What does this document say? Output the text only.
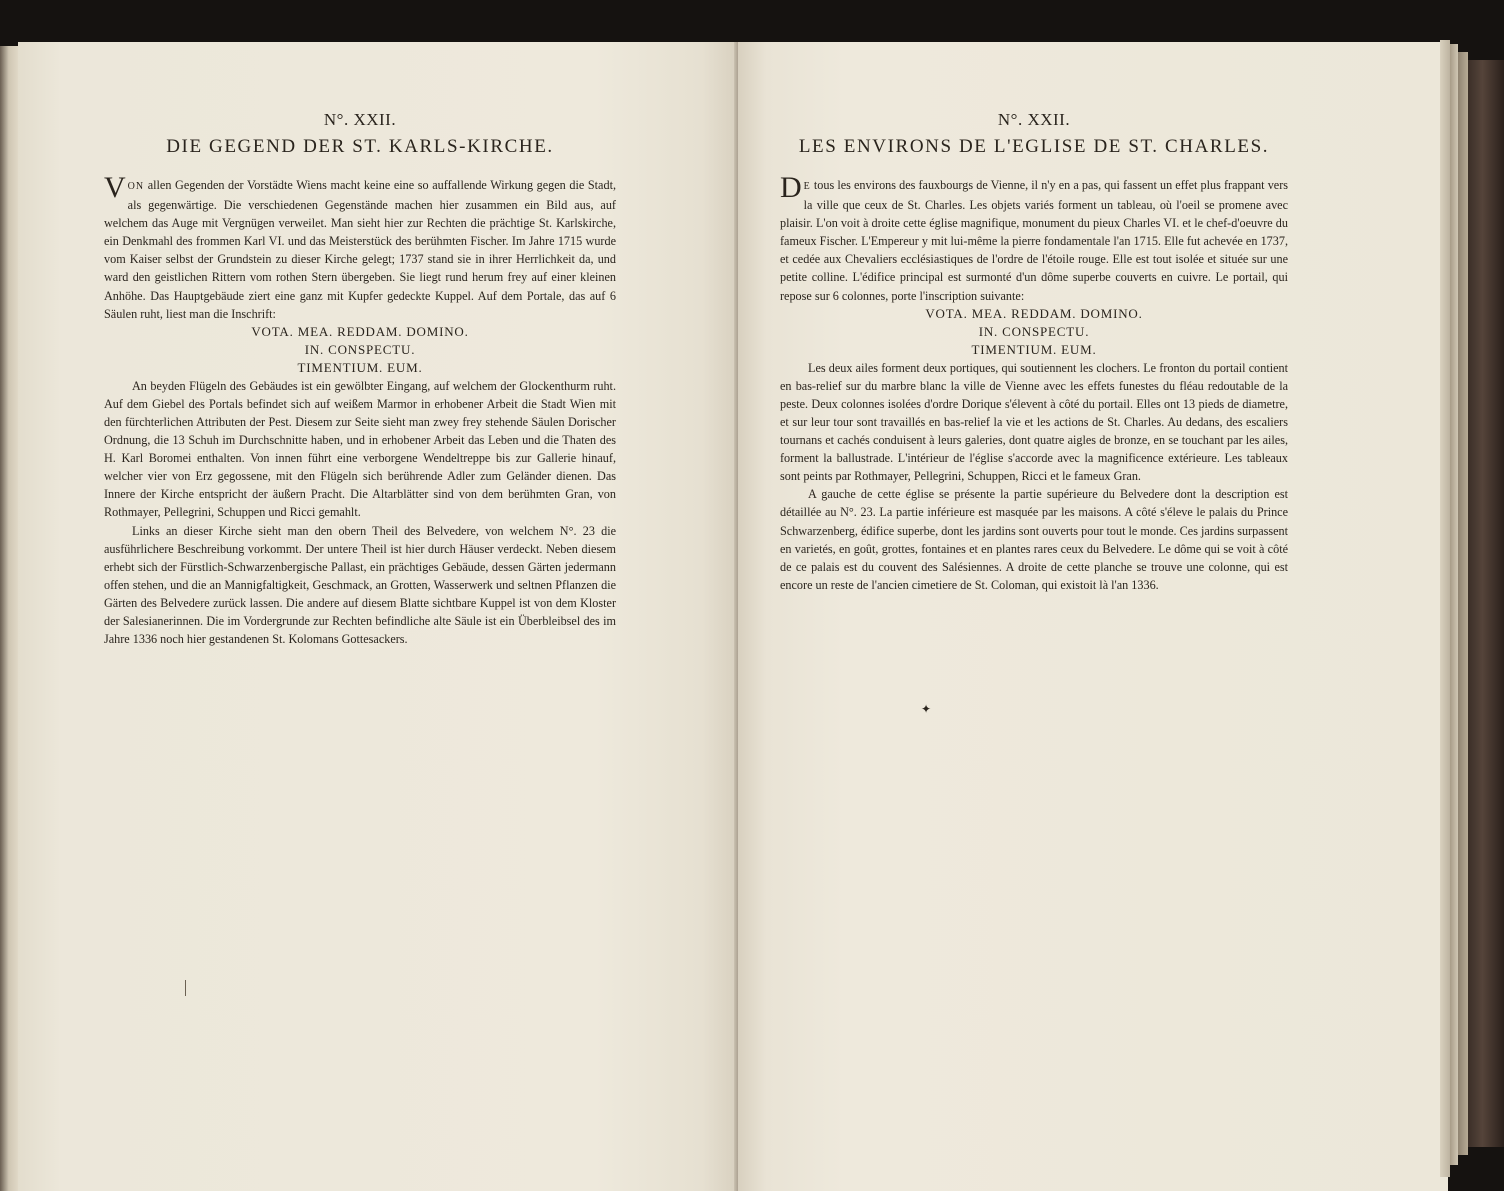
N°. XXII.
DIE GEGEND DER ST. KARLS-KIRCHE.

VON allen Gegenden der Vorstädte Wiens macht keine eine so auffallende Wirkung gegen die Stadt, als gegenwärtige. Die verschiedenen Gegenstände machen hier zusammen ein Bild aus, auf welchem das Auge mit Vergnügen verweilet. Man sieht hier zur Rechten die prächtige St. Karlskirche, ein Denkmahl des frommen Karl VI. und das Meisterstück des berühmten Fischer. Im Jahre 1715 wurde vom Kaiser selbst der Grundstein zu dieser Kirche gelegt; 1737 stand sie in ihrer Herrlichkeit da, und ward den geistlichen Rittern vom rothen Stern übergeben. Sie liegt rund herum frey auf einer kleinen Anhöhe. Das Hauptgebäude ziert eine ganz mit Kupfer gedeckte Kuppel. Auf dem Portale, das auf 6 Säulen ruht, liest man die Inschrift:

VOTA. MEA. REDDAM. DOMINO.
IN. CONSPECTU.
TIMENTIUM. EUM.

An beyden Flügeln des Gebäudes ist ein gewölbter Eingang, auf welchem der Glockenthurm ruht. Auf dem Giebel des Portals befindet sich auf weißem Marmor in erhobener Arbeit die Stadt Wien mit den fürchterlichen Attributen der Pest. Diesem zur Seite sieht man zwey frey stehende Säulen Dorischer Ordnung, die 13 Schuh im Durchschnitte haben, und in erhobener Arbeit das Leben und die Thaten des H. Karl Boromei enthalten. Von innen führt eine verborgene Wendeltreppe bis zur Gallerie hinauf, welcher vier von Erz gegossene, mit den Flügeln sich berührende Adler zum Geländer dienen. Das Innere der Kirche entspricht der äußern Pracht. Die Altarblätter sind von dem berühmten Gran, von Rothmayer, Pellegrini, Schuppen und Ricci gemahlt.

Links an dieser Kirche sieht man den obern Theil des Belvedere, von welchem N°. 23 die ausführlichere Beschreibung vorkommt. Der untere Theil ist hier durch Häuser verdeckt. Neben diesem erhebt sich der Fürstlich-Schwarzenbergische Pallast, ein prächtiges Gebäude, dessen Gärten jedermann offen stehen, und die an Mannigfaltigkeit, Geschmack, an Grotten, Wasserwerk und seltnen Pflanzen die Gärten des Belvedere zurück lassen. Die andere auf diesem Blatte sichtbare Kuppel ist von dem Kloster der Salesianerinnen. Die im Vordergrunde zur Rechten befindliche alte Säule ist ein Überbleibsel des im Jahre 1336 noch hier gestandenen St. Kolomans Gottesackers.

N°. XXII.
LES ENVIRONS DE L'EGLISE DE ST. CHARLES.

D E tous les environs des fauxbourgs de Vienne, il n'y en a pas, qui fassent un effet plus frappant vers la ville que ceux de St. Charles. Les objets variés forment un tableau, où l'oeil se promene avec plaisir. L'on voit à droite cette église magnifique, monument du pieux Charles VI. et le chef-d'oeuvre du fameux Fischer. L'Empereur y mit lui-même la pierre fondamentale l'an 1715. Elle fut achevée en 1737, et cedée aux Chevaliers ecclésiastiques de l'ordre de l'étoile rouge. Elle est tout isolée et située sur une petite colline. L'édifice principal est surmonté d'un dôme superbe couverts en cuivre. Le portail, qui repose sur 6 colonnes, porte l'inscription suivante:

VOTA. MEA. REDDAM. DOMINO.
IN. CONSPECTU.
TIMENTIUM. EUM.

Les deux ailes forment deux portiques, qui soutiennent les clochers. Le fronton du portail contient en bas-relief sur du marbre blanc la ville de Vienne avec les effets funestes du fléau redoutable de la peste. Deux colonnes isolées d'ordre Dorique s'élevent à côté du portail. Elles ont 13 pieds de diametre, et sur leur tour sont travaillés en bas-relief la vie et les actions de St. Charles. Au dedans, des escaliers tournans et cachés conduisent à leurs galeries, dont quatre aigles de bronze, en se touchant par les ailes, forment la ballustrade. L'intérieur de l'église s'accorde avec la magnificence extérieure. Les tableaux sont peints par Rothmayer, Pellegrini, Schuppen, Ricci et le fameux Gran.

A gauche de cette église se présente la partie supérieure du Belvedere dont la description est détaillée au N°. 23. La partie inférieure est masquée par les maisons. A côté s'éleve le palais du Prince Schwarzenberg, édifice superbe, dont les jardins sont ouverts pour tout le monde. Ces jardins surpassent en varietés, en goût, grottes, fontaines et en plantes rares ceux du Belvedere. Le dôme qui se voit à côté de ce palais est du couvent des Salésiennes. A droite de cette planche se trouve une colonne, qui est encore un reste de l'ancien cimetiere de St. Coloman, qui existoit là l'an 1336.

✦
